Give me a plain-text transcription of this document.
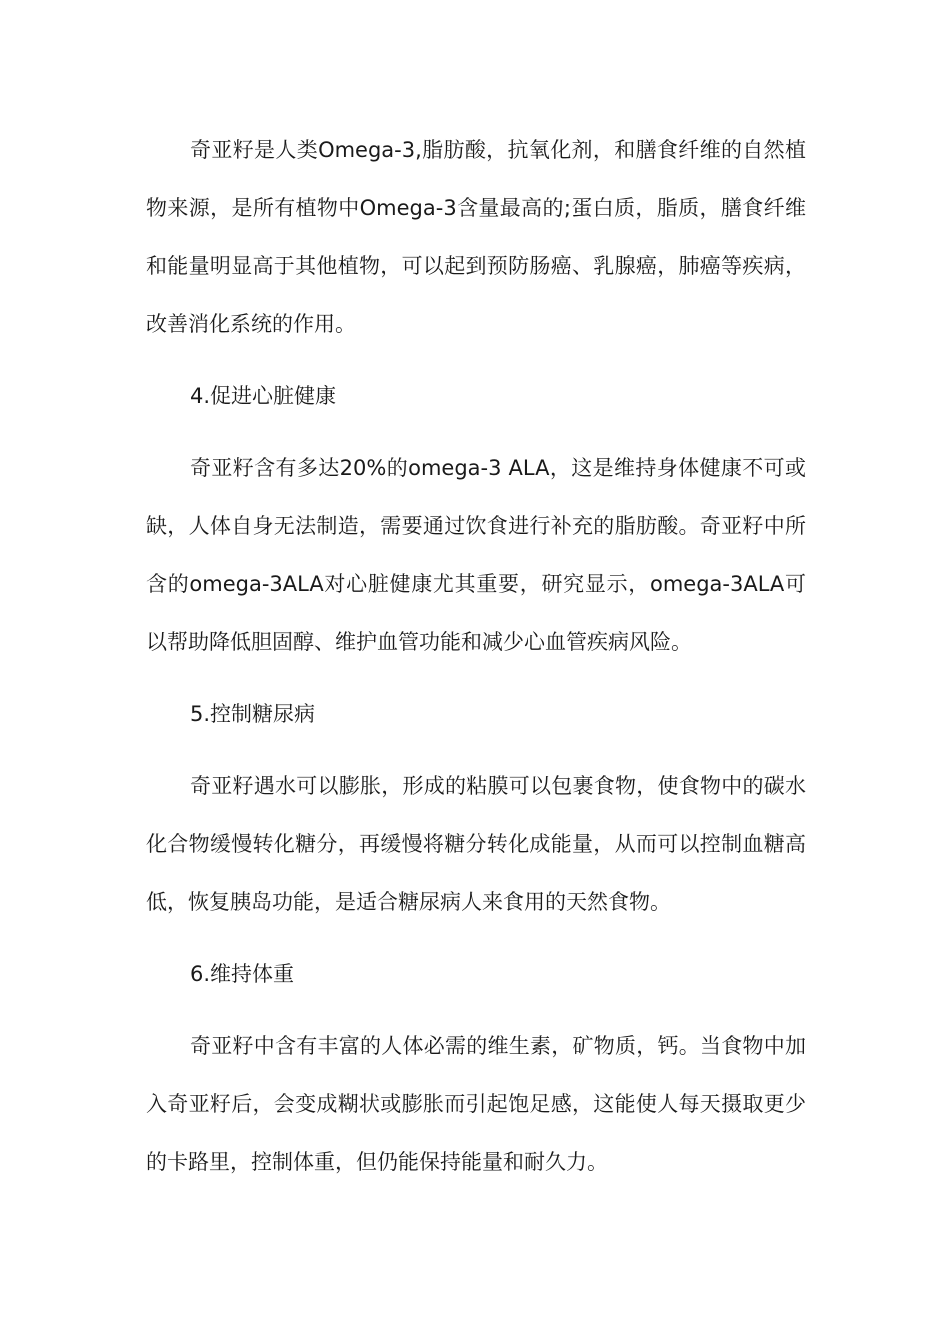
奇亚籽是人类Omega-3,脂肪酸，抗氧化剂，和膳食纤维的自然植物来源，是所有植物中Omega-3含量最高的;蛋白质，脂质，膳食纤维和能量明显高于其他植物，可以起到预防肠癌、乳腺癌，肺癌等疾病，改善消化系统的作用。

4.促进心脏健康

奇亚籽含有多达20%的omega-3 ALA，这是维持身体健康不可或缺，人体自身无法制造，需要通过饮食进行补充的脂肪酸。奇亚籽中所含的omega-3ALA对心脏健康尤其重要，研究显示，omega-3ALA可以帮助降低胆固醇、维护血管功能和减少心血管疾病风险。

5.控制糖尿病

奇亚籽遇水可以膨胀，形成的粘膜可以包裹食物，使食物中的碳水化合物缓慢转化糖分，再缓慢将糖分转化成能量，从而可以控制血糖高低，恢复胰岛功能，是适合糖尿病人来食用的天然食物。

6.维持体重

奇亚籽中含有丰富的人体必需的维生素，矿物质，钙。当食物中加入奇亚籽后，会变成糊状或膨胀而引起饱足感，这能使人每天摄取更少的卡路里，控制体重，但仍能保持能量和耐久力。
